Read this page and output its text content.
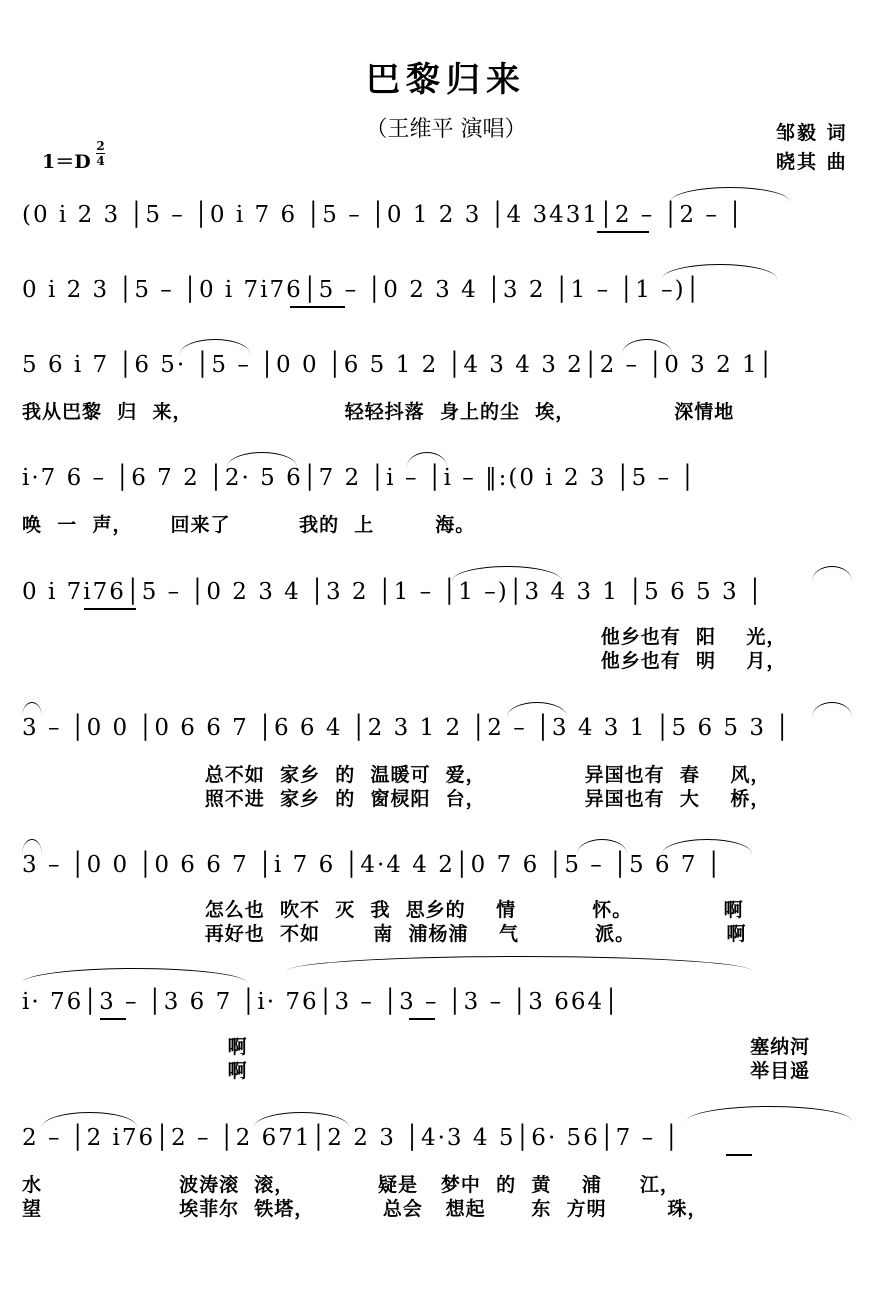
巴黎归来
（王维平 演唱）	邹毅 词
晓其 曲
1＝D
2
4
(0 i 2 3 │5 – │0 i 7 6 │5 – │0 1 2 3 │4 3431│2 – │2 – │
0 i 2 3 │5 – │0 i 7i76│5 – │0 2 3 4 │3 2 │1 – │1 –)│
5 6 i 7 │6 5· │5 – │0 0 │6 5 1 2 │4 3 4 3 2│2 – │0 3 2 1│
我从巴黎  归  来，                    轻轻抖落  身上的尘  埃，             深情地
i·7 6 – │6 7 2 │2· 5 6│7 2 │i – │i – ‖:(0 i 2 3 │5 – │
唤  一  声，     回来了         我的  上        海。
0 i 7i76│5 – │0 2 3 4 │3 2 │1 – │1 –)│3 4 3 1 │5 6 5 3 │
他乡也有  阳    光，
他乡也有  明    月，
3 – │0 0 │0 6 6 7 │6 6 4 │2 3 1 2 │2 – │3 4 3 1 │5 6 5 3 │
总不如  家乡  的  温暖可  爱，             异国也有  春    风，
照不进  家乡  的  窗棂阳  台，             异国也有  大    桥，
3 – │0 0 │0 6 6 7 │i 7 6 │4·4 4 2│0 7 6 │5 – │5 6 7 │
怎么也  吹不  灭  我  思乡的    情          怀。            啊
再好也  不如       南  浦杨浦    气          派。            啊
i· 76│3 – │3 6 7 │i· 76│3 – │3 – │3 – │3 664│
啊                                                                  塞纳河
啊                                                                  举目遥
2 – │2 i76│2 – │2 671│2 2 3 │4·3 4 5│6· 56│7 – │
水                  波涛滚  滚，           疑是   梦中  的  黄    浦     江，
望                  埃菲尔  铁塔，         总会   想起      东  方明        珠，
